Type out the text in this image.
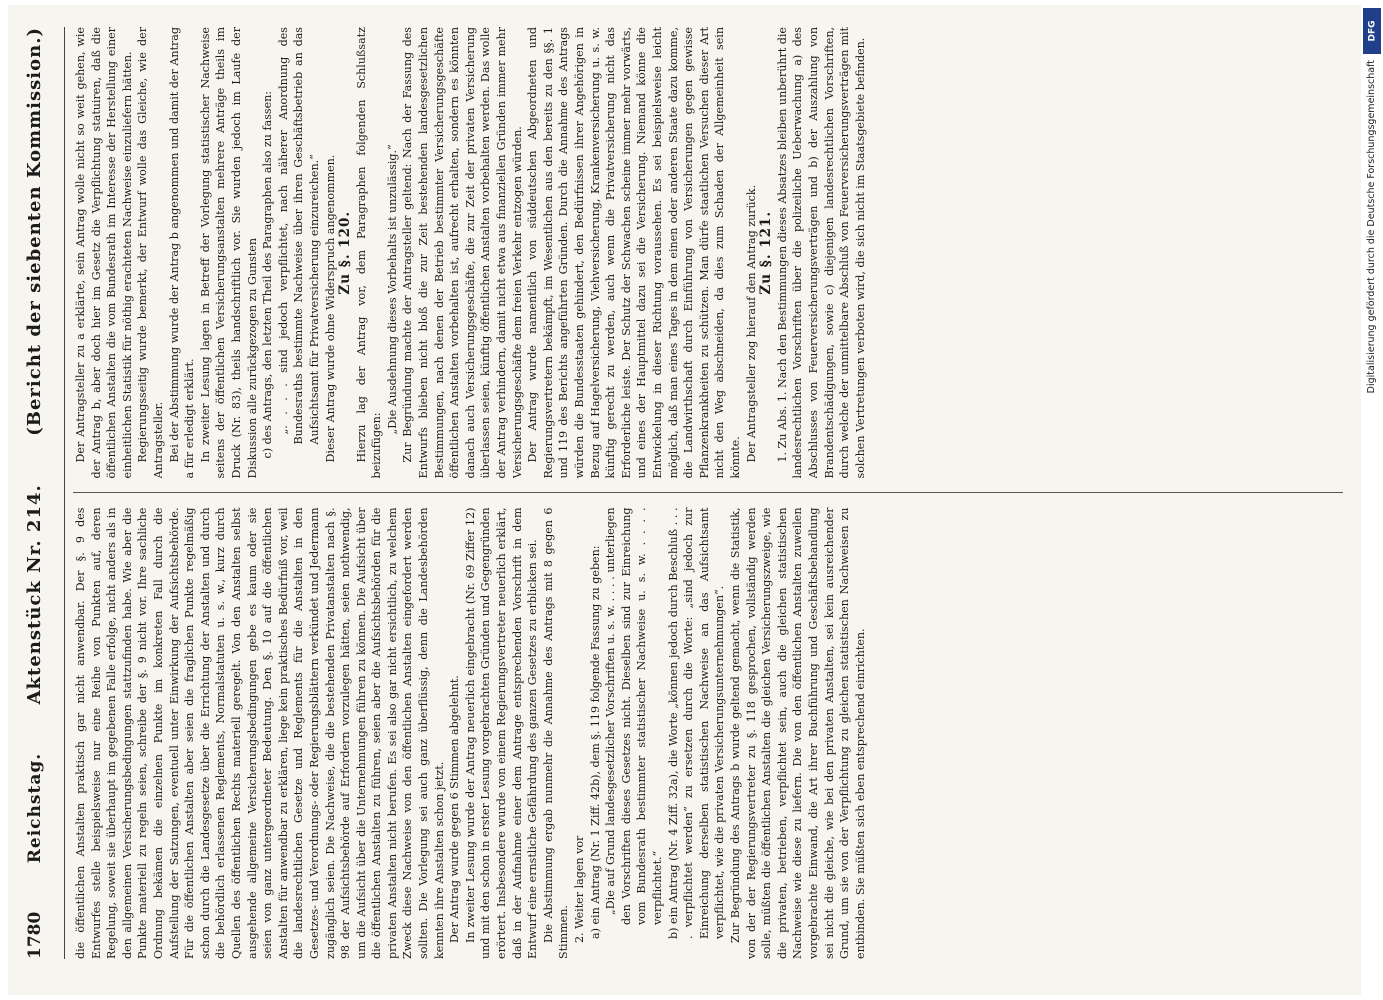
1780
Reichstag.
Aktenstück Nr. 214.
(Bericht der siebenten Kommission.)

die öffentlichen Anstalten praktisch gar nicht anwendbar. Der §. 9 des Entwurfes stelle beispielsweise nur eine Reihe von Punkten auf, deren Regelung, soweit sie überhaupt im gegebenen Falle erfolge, nicht anders als in den allgemeinen Versicherungsbedingungen stattzufinden habe. Wie aber die Punkte materiell zu regeln seien, schreibe der §. 9 nicht vor. Ihre sachliche Ordnung bekämen die einzelnen Punkte im konkreten Fall durch die Aufstellung der Satzungen, eventuell unter Einwirkung der Aufsichtsbehörde. Für die öffentlichen Anstalten aber seien die fraglichen Punkte regelmäßig schon durch die Landesgesetze über die Errichtung der Anstalten und durch die behördlich erlassenen Reglements, Normalstatuten u. s. w., kurz durch Quellen des öffentlichen Rechts materiell geregelt. Von den Anstalten selbst ausgehende allgemeine Versicherungsbedingungen gebe es kaum oder sie seien von ganz untergeordneter Bedeutung. Den §. 10 auf die öffentlichen Anstalten für anwendbar zu erklären, liege kein praktisches Bedürfniß vor, weil die landesrechtlichen Gesetze und Reglements für die Anstalten in den Gesetzes- und Verordnungs- oder Regierungsblättern verkündet und Jedermann zugänglich seien. Die Nachweise, die die bestehenden Privatanstalten nach §. 98 der Aufsichtsbehörde auf Erfordern vorzulegen hätten, seien nothwendig, um die Aufsicht über die Unternehmungen führen zu können. Die Aufsicht über die öffentlichen Anstalten zu führen, seien aber die Aufsichtsbehörden für die privaten Anstalten nicht berufen. Es sei also gar nicht ersichtlich, zu welchem Zweck diese Nachweise von den öffentlichen Anstalten eingefordert werden sollten. Die Vorlegung sei auch ganz überflüssig, denn die Landesbehörden kennten ihre Anstalten schon jetzt. Der Antrag wurde gegen 6 Stimmen abgelehnt. In zweiter Lesung wurde der Antrag neuerlich eingebracht (Nr. 69 Ziffer 12) und mit den schon in erster Lesung vorgebrachten Gründen und Gegengründen erörtert. Insbesondere wurde von einem Regierungsvertreter neuerlich erklärt, daß in der Aufnahme einer dem Antrage entsprechenden Vorschrift in dem Entwurf eine ernstliche Gefährdung des ganzen Gesetzes zu erblicken sei. Die Abstimmung ergab nunmehr die Annahme des Antrags mit 8 gegen 6 Stimmen. 2. Weiter lagen vor a) ein Antrag (Nr. 1 Ziff. 42b), dem §. 119 folgende Fassung zu geben: „Die auf Grund landesgesetzlicher Vorschriften u. s. w. . . . . unterliegen den Vorschriften dieses Gesetzes nicht. Dieselben sind zur Einreichung vom Bundesrath bestimmter statistischer Nachweise u. s. w. . . . . verpflichtet.“ b) ein Antrag (Nr. 4 Ziff. 32a), die Worte „können jedoch durch Beschluß . . . . verpflichtet werden“ zu ersetzen durch die Worte: „sind jedoch zur Einreichung derselben statistischen Nachweise an das Aufsichtsamt verpflichtet, wie die privaten Versicherungsunternehmungen“. Zur Begründung des Antrags b wurde geltend gemacht, wenn die Statistik, von der der Regierungsvertreter zu §. 118 gesprochen, vollständig werden solle, müßten die öffentlichen Anstalten die gleichen Versicherungszweige, wie die privaten, betrieben, verpflichtet sein, auch die gleichen statistischen Nachweise wie diese zu liefern. Die von den öffentlichen Anstalten zuweilen vorgebrachte Einwand, die Art ihrer Buchführung und Geschäftsbehandlung sei nicht die gleiche, wie bei den privaten Anstalten, sei kein ausreichender Grund, um sie von der Verpflichtung zu gleichen statistischen Nachweisen zu entbinden. Sie müßten sich eben entsprechend einrichten.

Der Antragsteller zu a erklärte, sein Antrag wolle nicht so weit gehen, wie der Antrag b, aber doch hier im Gesetz die Verpflichtung statuiren, daß die öffentlichen Anstalten die vom Bundesrath im Interesse der Herstellung einer einheitlichen Statistik für nöthig erachteten Nachweise einzuliefern hätten. Regierungsseitig wurde bemerkt, der Entwurf wolle das Gleiche, wie der Antragsteller. Bei der Abstimmung wurde der Antrag b angenommen und damit der Antrag a für erledigt erklärt. In zweiter Lesung lagen in Betreff der Vorlegung statistischer Nachweise seitens der öffentlichen Versicherungsanstalten mehrere Anträge theils im Druck (Nr. 83), theils handschriftlich vor. Sie wurden jedoch im Laufe der Diskussion alle zurückgezogen zu Gunsten c) des Antrags, den letzten Theil des Paragraphen also zu fassen: „. . . . sind jedoch verpflichtet, nach näherer Anordnung des Bundesraths bestimmte Nachweise über ihren Geschäftsbetrieb an das Aufsichtsamt für Privatversicherung einzureichen.“ Dieser Antrag wurde ohne Widerspruch angenommen. Zu §. 120. Hierzu lag der Antrag vor, dem Paragraphen folgenden Schlußsatz beizufügen:

„Die Ausdehnung dieses Vorbehalts ist unzulässig.“ Zur Begründung machte der Antragsteller geltend: Nach der Fassung des Entwurfs blieben nicht bloß die zur Zeit bestehenden landesgesetzlichen Bestimmungen, nach denen der Betrieb bestimmter Versicherungsgeschäfte öffentlichen Anstalten vorbehalten ist, aufrecht erhalten, sondern es könnten danach auch Versicherungsgeschäfte, die zur Zeit der privaten Versicherung überlassen seien, künftig öffentlichen Anstalten vorbehalten werden. Das wolle der Antrag verhindern, damit nicht etwa aus finanziellen Gründen immer mehr Versicherungsgeschäfte dem freien Verkehr entzogen würden. Der Antrag wurde namentlich von süddeutschen Abgeordneten und Regierungsvertretern bekämpft, im Wesentlichen aus den bereits zu den §§. 1 und 119 des Berichts angeführten Gründen. Durch die Annahme des Antrags würden die Bundesstaaten gehindert, den Bedürfnissen ihrer Angehörigen in Bezug auf Hagelversicherung, Viehversicherung, Krankenversicherung u. s. w. künftig gerecht zu werden, auch wenn die Privatversicherung nicht das Erforderliche leiste. Der Schutz der Schwachen scheine immer mehr vorwärts, und eines der Hauptmittel dazu sei die Versicherung. Niemand könne die Entwickelung in dieser Richtung voraussehen. Es sei beispielsweise leicht möglich, daß man eines Tages in dem einen oder anderen Staate dazu komme, die Landwirthschaft durch Einführung von Versicherungen gegen gewisse Pflanzenkrankheiten zu schützen. Man dürfe staatlichen Versuchen dieser Art nicht den Weg abschneiden, da dies zum Schaden der Allgemeinheit sein könnte. Der Antragsteller zog hierauf den Antrag zurück. Zu §. 121. 1. Zu Abs. 1. Nach den Bestimmungen dieses Absatzes bleiben unberührt die landesrechtlichen Vorschriften über die polizeiliche Ueberwachung a) des Abschlusses von Feuerversicherungsverträgen und b) der Auszahlung von Brandentschädigungen, sowie c) diejenigen landesrechtlichen Vorschriften, durch welche der unmittelbare Abschluß von Feuerversicherungsverträgen mit solchen Vertretungen verboten wird, die sich nicht im Staatsgebiete befinden.

DFG
Digitalisierung gefördert durch die Deutsche Forschungsgemeinschaft
